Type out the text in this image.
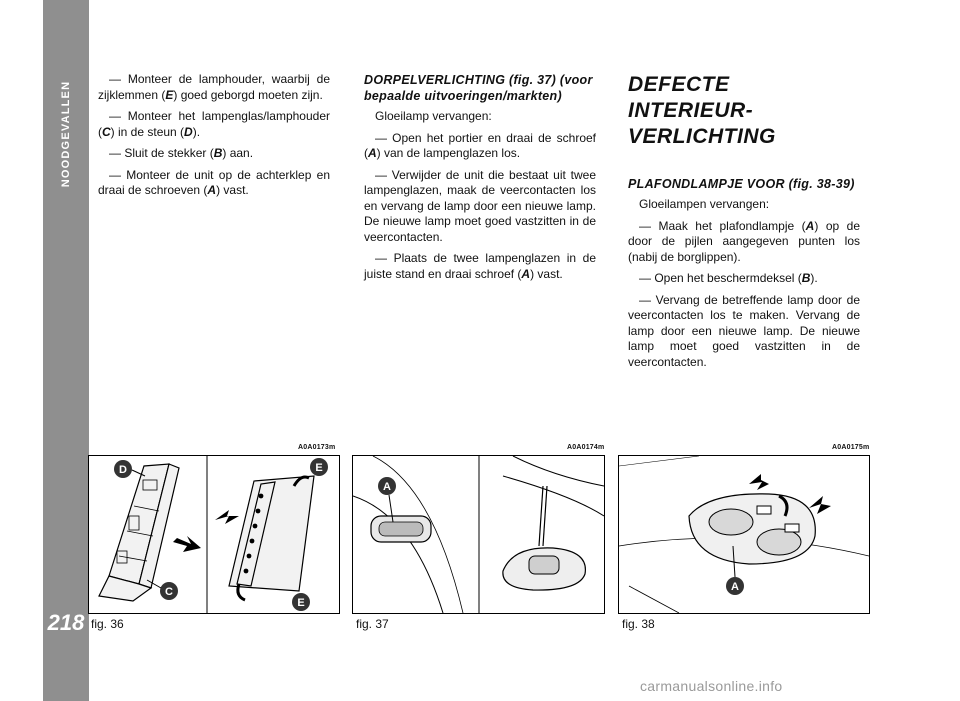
NOODGEVALLEN
218

— Monteer de lamphouder, waarbij de zijklemmen (E) goed geborgd moeten zijn.

— Monteer het lampenglas/lamphouder (C) in de steun (D).

— Sluit de stekker (B) aan.

— Monteer de unit op de achterklep en draai de schroeven (A) vast.

DORPELVERLICHTING (fig. 37) (voor bepaalde uitvoeringen/markten)

Gloeilamp vervangen:

— Open het portier en draai de schroef (A) van de lampenglazen los.

— Verwijder de unit die bestaat uit twee lampenglazen, maak de veercontacten los en vervang de lamp door een nieuwe lamp. De nieuwe lamp moet goed vastzitten in de veercontacten.

— Plaats de twee lampenglazen in de juiste stand en draai schroef (A) vast.

DEFECTE INTERIEUR-VERLICHTING
PLAFONDLAMPJE VOOR (fig. 38-39)

Gloeilampen vervangen:

— Maak het plafondlampje (A) op de door de pijlen aangegeven punten los (nabij de borglippen).

— Open het beschermdeksel (B).

— Vervang de betreffende lamp door de veercontacten los te maken. Vervang de lamp door een nieuwe lamp. De nieuwe lamp moet goed vastzitten in de veercontacten.

A0A0173m	A0A0174m	A0A0175m
D
C
E
E
A
A
fig. 36	fig. 37	fig. 38
carmanualsonline.info
